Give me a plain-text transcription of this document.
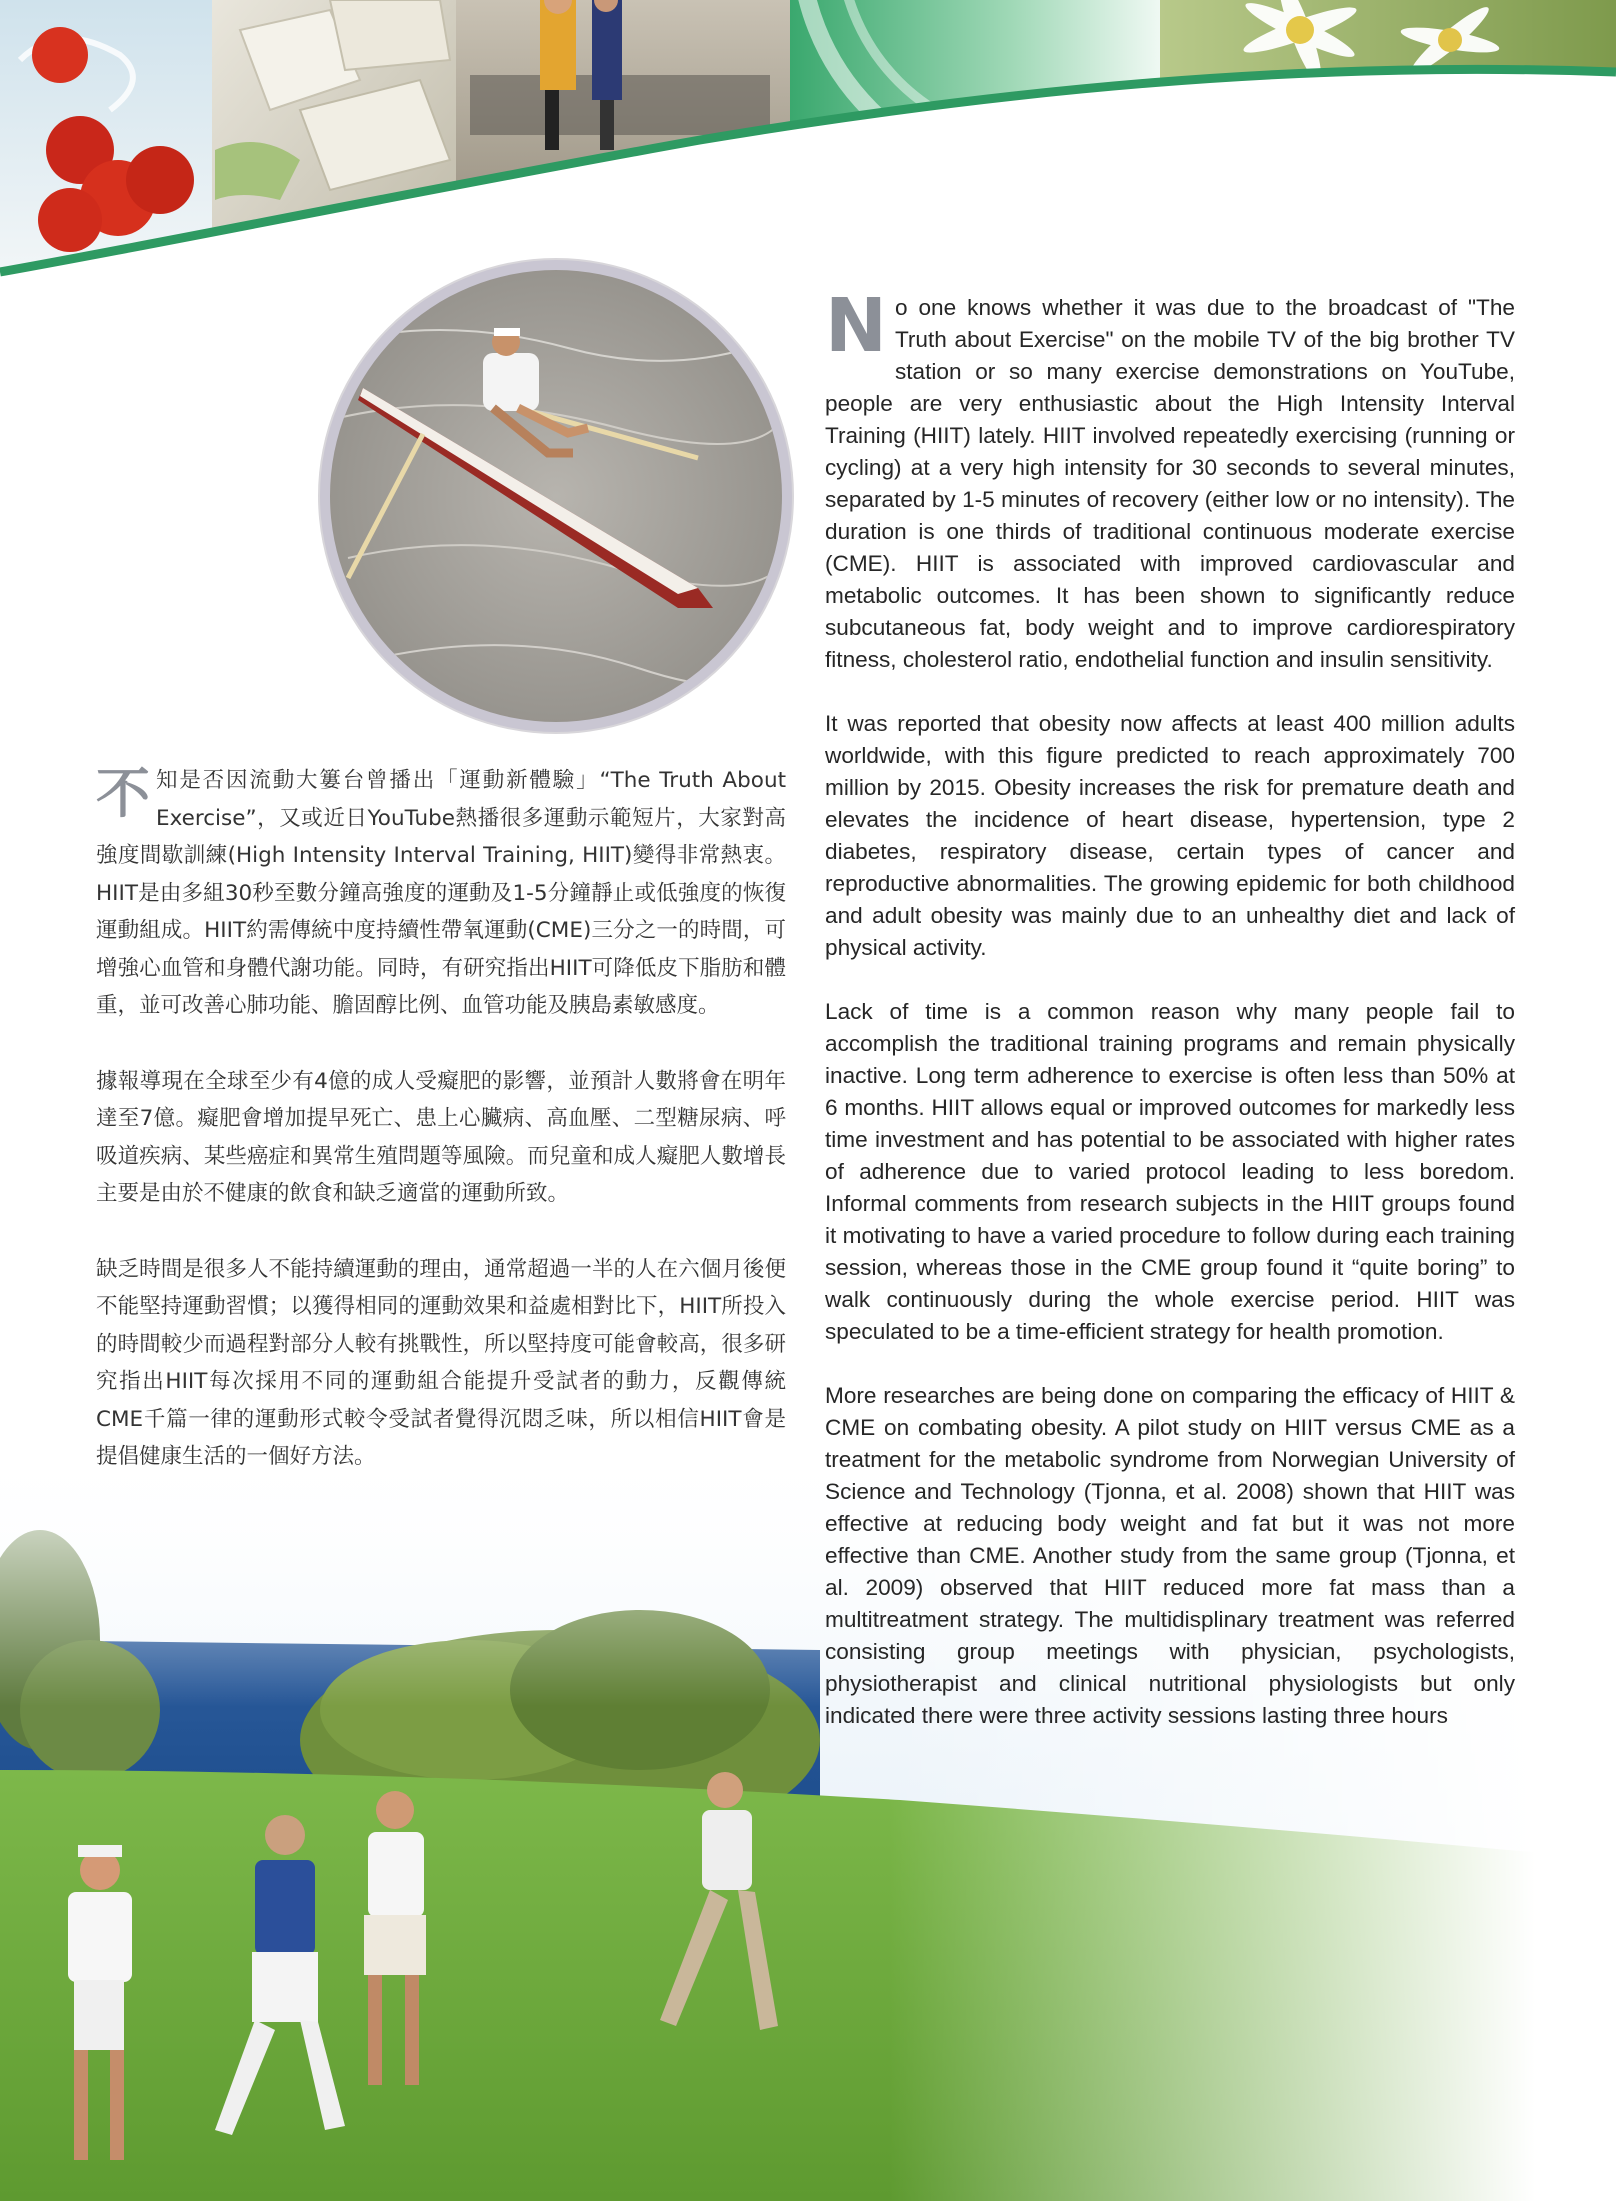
No one knows whether it was due to the broadcast of "The Truth about Exercise" on the mobile TV of the big brother TV station or so many exercise demonstrations on YouTube, people are very enthusiastic about the High Intensity Interval Training (HIIT) lately. HIIT involved repeatedly exercising (running or cycling) at a very high intensity for 30 seconds to several minutes, separated by 1-5 minutes of recovery (either low or no intensity). The duration is one thirds of traditional continuous moderate exercise (CME). HIIT is associated with improved cardiovascular and metabolic outcomes. It has been shown to significantly reduce subcutaneous fat, body weight and to improve cardiorespiratory fitness, cholesterol ratio, endothelial function and insulin sensitivity.

It was reported that obesity now affects at least 400 million adults worldwide, with this figure predicted to reach approximately 700 million by 2015. Obesity increases the risk for premature death and elevates the incidence of heart disease, hypertension, type 2 diabetes, respiratory disease, certain types of cancer and reproductive abnormalities. The growing epidemic for both childhood and adult obesity was mainly due to an unhealthy diet and lack of physical activity.

Lack of time is a common reason why many people fail to accomplish the traditional training programs and remain physically inactive. Long term adherence to exercise is often less than 50% at 6 months. HIIT allows equal or improved outcomes for markedly less time investment and has potential to be associated with higher rates of adherence due to varied protocol leading to less boredom. Informal comments from research subjects in the HIIT groups found it motivating to have a varied procedure to follow during each training session, whereas those in the CME group found it “quite boring” to walk continuously during the whole exercise period. HIIT was speculated to be a time-efficient strategy for health promotion.

More researches are being done on comparing the efficacy of HIIT & CME on combating obesity. A pilot study on HIIT versus CME as a treatment for the metabolic syndrome from Norwegian University of Science and Technology (Tjonna, et al. 2008) shown that HIIT was effective at reducing body weight and fat but it was not more effective than CME. Another study from the same group (Tjonna, et al. 2009) observed that HIIT reduced more fat mass than a multitreatment strategy. The multidisplinary treatment was referred consisting group meetings with physician, psychologists, physiotherapist and clinical nutritional physiologists but only indicated there were three activity sessions lasting three hours

不知是否因流動大簍台曾播出「運動新體驗」“The Truth About Exercise”，又或近日YouTube熱播很多運動示範短片，大家對高強度間歇訓練(High Intensity Interval Training, HIIT)變得非常熱衷。HIIT是由多組30秒至數分鐘高強度的運動及1-5分鐘靜止或低強度的恢復運動組成。HIIT約需傳統中度持續性帶氧運動(CME)三分之一的時間，可增強心血管和身體代謝功能。同時，有研究指出HIIT可降低皮下脂肪和體重，並可改善心肺功能、膽固醇比例、血管功能及胰島素敏感度。

據報導現在全球至少有4億的成人受癡肥的影響，並預計人數將會在明年達至7億。癡肥會增加提早死亡、患上心臟病、高血壓、二型糖尿病、呼吸道疾病、某些癌症和異常生殖問題等風險。而兒童和成人癡肥人數增長主要是由於不健康的飲食和缺乏適當的運動所致。

缺乏時間是很多人不能持續運動的理由，通常超過一半的人在六個月後便不能堅持運動習慣；以獲得相同的運動效果和益處相對比下，HIIT所投入的時間較少而過程對部分人較有挑戰性，所以堅持度可能會較高，很多研究指出HIIT每次採用不同的運動組合能提升受試者的動力，反觀傳統CME千篇一律的運動形式較令受試者覺得沉悶乏味，所以相信HIIT會是提倡健康生活的一個好方法。
